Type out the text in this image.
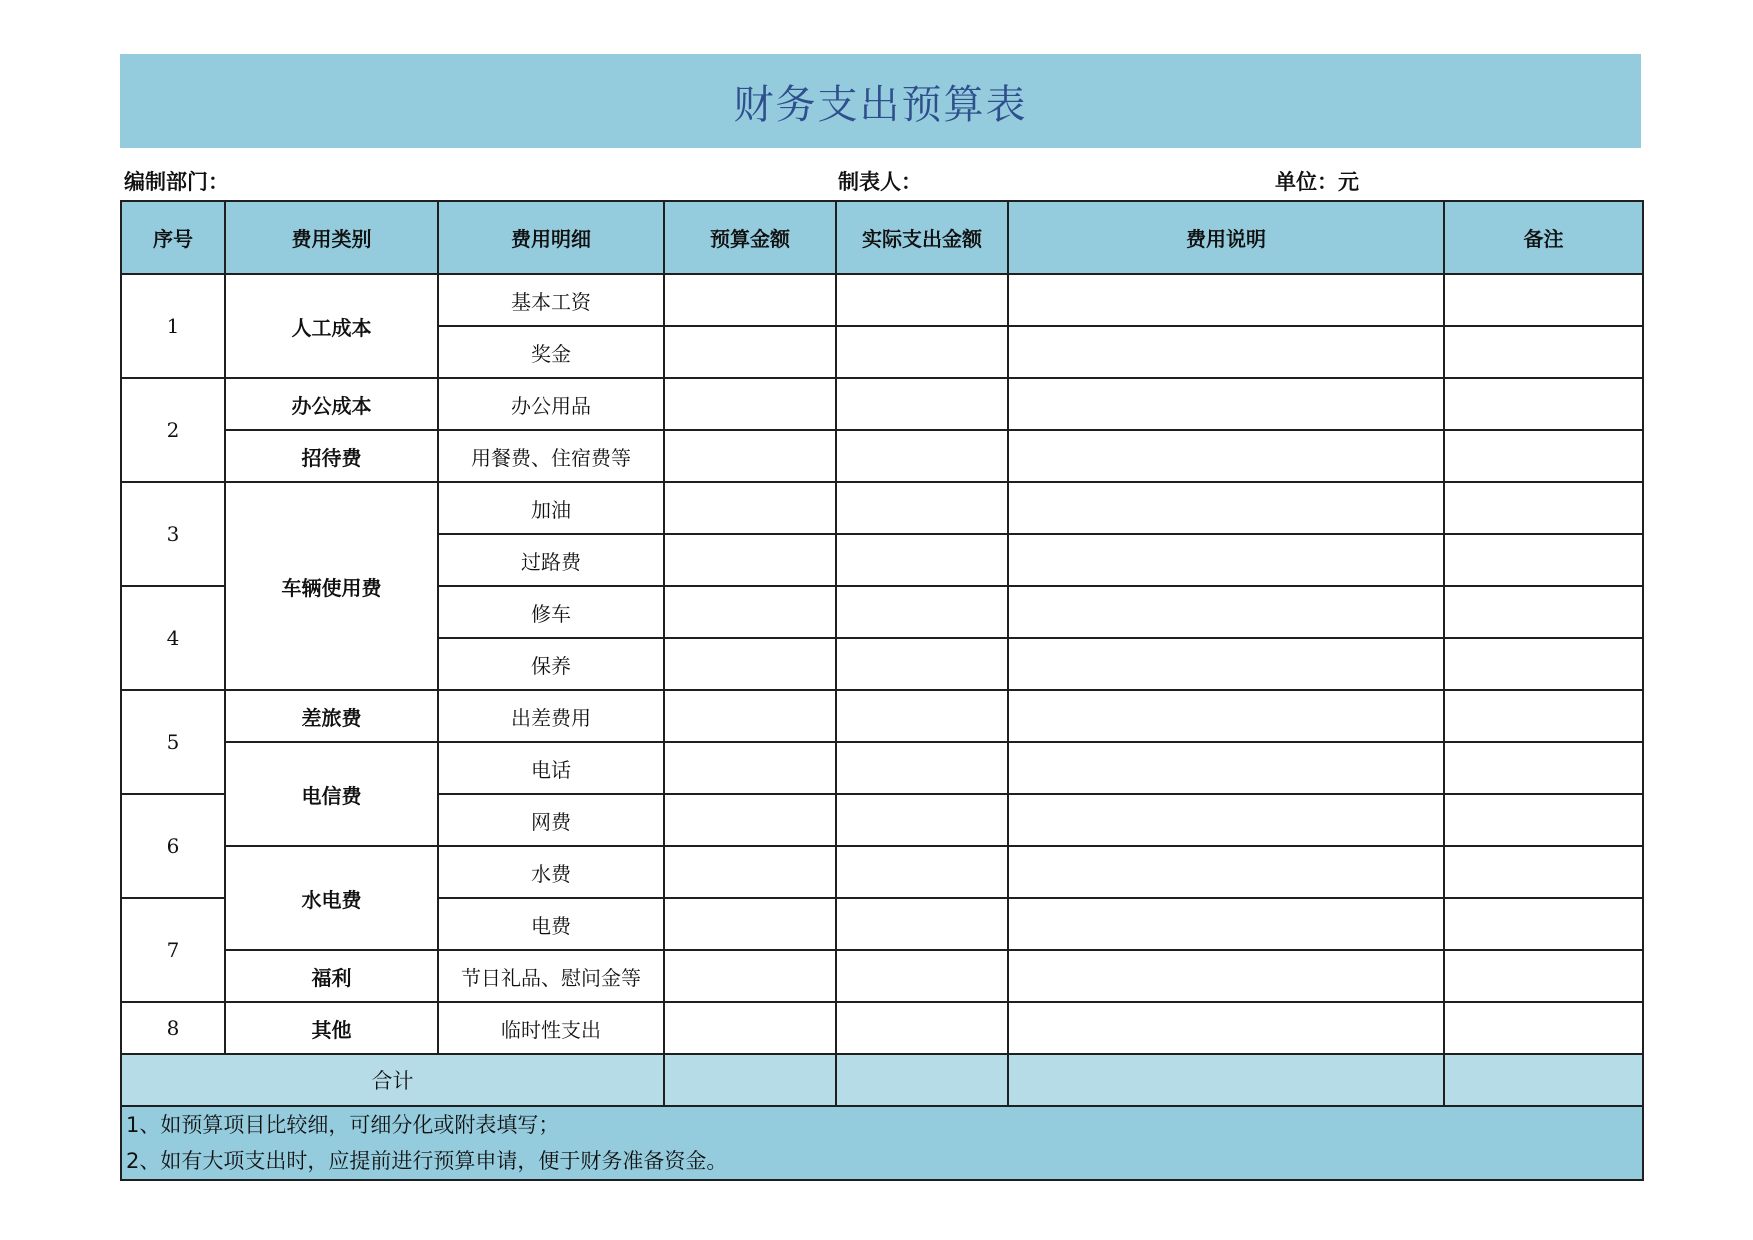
财务支出预算表
编制部门：	制表人：	单位：元
序号	费用类别	费用明细	预算金额	实际支出金额	费用说明	备注
1	人工成本	基本工资				
		奖金				
2	办公成本	办公用品				
	招待费	用餐费、住宿费等				
3	车辆使用费	加油				
		过路费				
4		修车				
		保养				
5	差旅费	出差费用				
	电信费	电话				
6		网费				
	水电费	水费				
7		电费				
	福利	节日礼品、慰问金等				
8	其他	临时性支出				
合计						

1、如预算项目比较细，可细分化或附表填写；
2、如有大项支出时，应提前进行预算申请，便于财务准备资金。						
